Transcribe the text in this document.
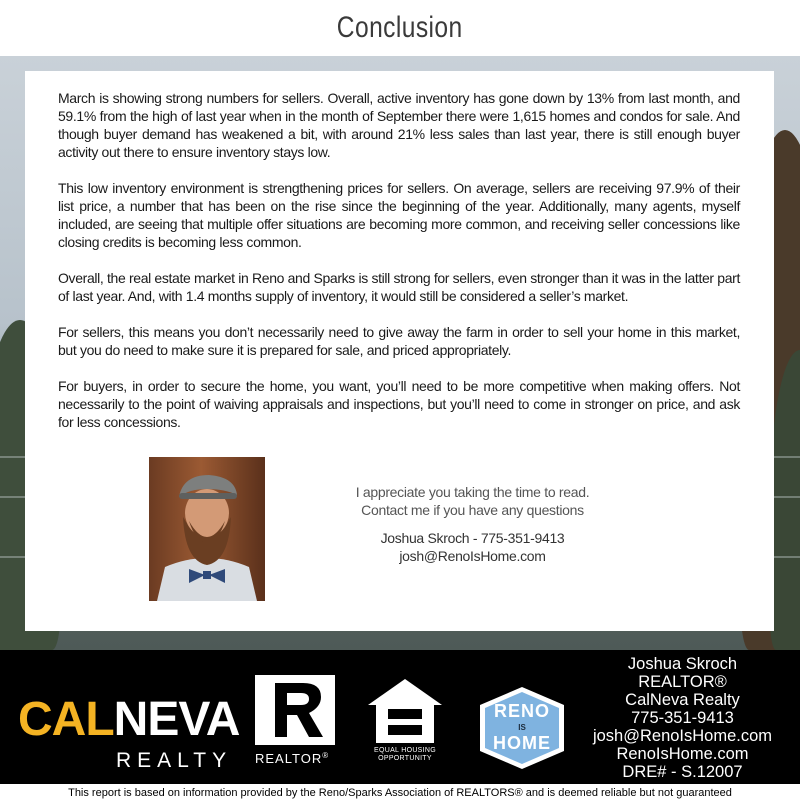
Conclusion

March is showing strong numbers for sellers. Overall, active inventory has gone down by 13% from last month, and 59.1% from the high of last year when in the month of September there were 1,615 homes and condos for sale. And though buyer demand has weakened a bit, with around 21% less sales than last year, there is still enough buyer activity out there to ensure inventory stays low.

This low inventory environment is strengthening prices for sellers. On average, sellers are receiving 97.9% of their list price, a number that has been on the rise since the beginning of the year. Additionally, many agents, myself included, are seeing that multiple offer situations are becoming more common, and receiving seller concessions like closing credits is becoming less common.

Overall, the real estate market in Reno and Sparks is still strong for sellers, even stronger than it was in the latter part of last year. And, with 1.4 months supply of inventory, it would still be considered a seller’s market.

For sellers, this means you don’t necessarily need to give away the farm in order to sell your home in this market, but you do need to make sure it is prepared for sale, and priced appropriately.

For buyers, in order to secure the home, you want, you’ll need to be more competitive when making offers. Not necessarily to the point of waiving appraisals and inspections, but you’ll need to come in stronger on price, and ask for less concessions.

I appreciate you taking the time to read.
Contact me if you have any questions
Joshua Skroch - 775-351-9413
josh@RenoIsHome.com
CALNEVA
REALTY REALTOR®
EQUAL HOUSING
OPPORTUNITY
RENO
IS
HOME
Joshua Skroch
REALTOR®
CalNeva Realty
775-351-9413
josh@RenoIsHome.com
RenoIsHome.com
DRE# - S.12007
This report is based on information provided by the Reno/Sparks Association of REALTORS® and is deemed reliable but not guaranteed
